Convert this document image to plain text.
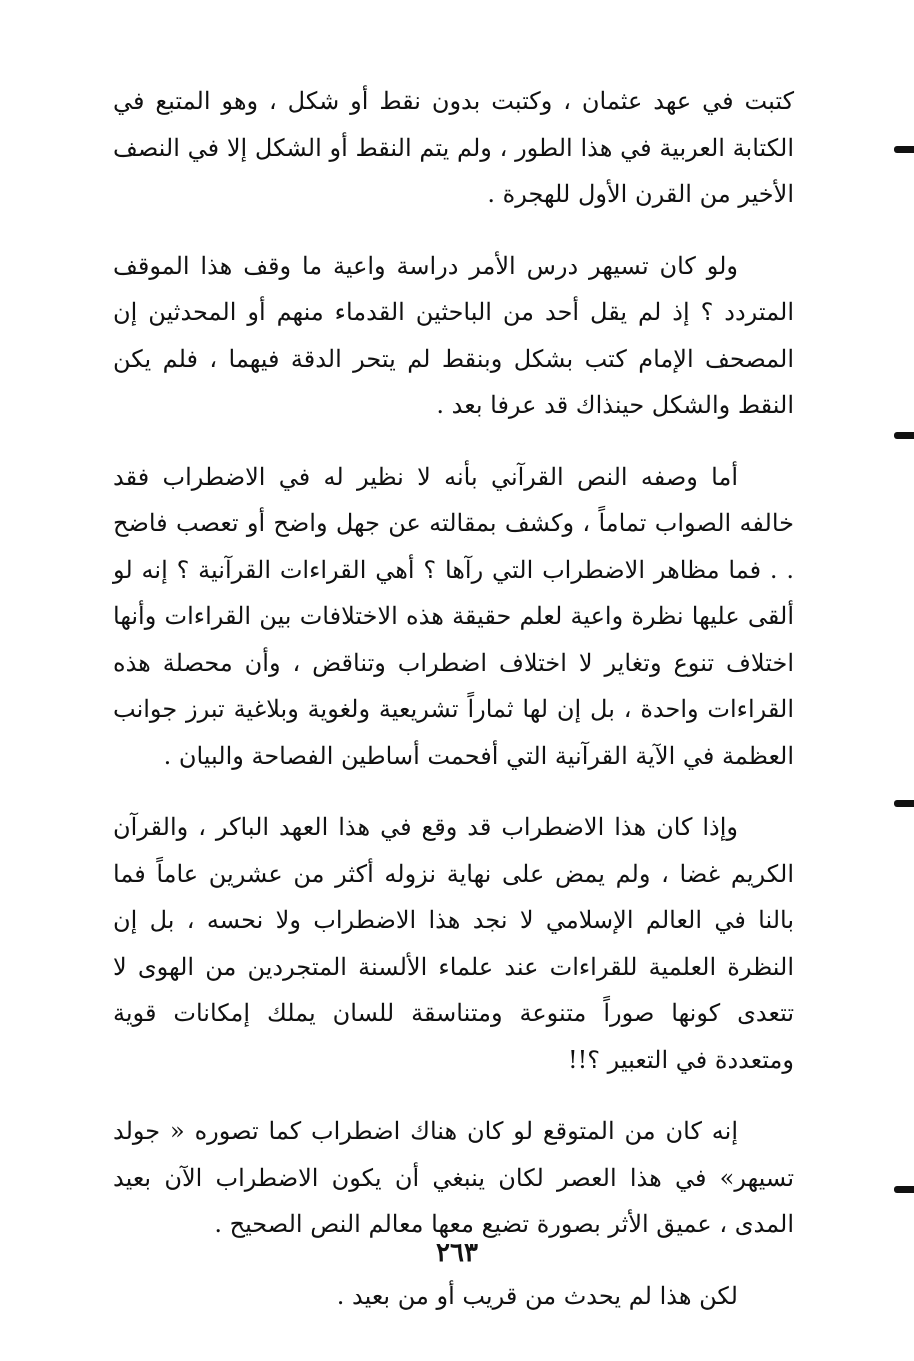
كتبت في عهد عثمان ، وكتبت بدون نقط أو شكل ، وهو المتبع في الكتابة العربية في هذا الطور ، ولم يتم النقط أو الشكل إلا في النصف الأخير من القرن الأول للهجرة .

ولو كان تسيهر درس الأمر دراسة واعية ما وقف هذا الموقف المتردد ؟ إذ لم يقل أحد من الباحثين القدماء منهم أو المحدثين إن المصحف الإمام كتب بشكل وبنقط لم يتحر الدقة فيهما ، فلم يكن النقط والشكل حينذاك قد عرفا بعد .

أما وصفه النص القرآني بأنه لا نظير له في الاضطراب فقد خالفه الصواب تماماً ، وكشف بمقالته عن جهل واضح أو تعصب فاضح . . فما مظاهر الاضطراب التي رآها ؟ أهي القراءات القرآنية ؟ إنه لو ألقى عليها نظرة واعية لعلم حقيقة هذه الاختلافات بين القراءات وأنها اختلاف تنوع وتغاير لا اختلاف اضطراب وتناقض ، وأن محصلة هذه القراءات واحدة ، بل إن لها ثماراً تشريعية ولغوية وبلاغية تبرز جوانب العظمة في الآية القرآنية التي أفحمت أساطين الفصاحة والبيان .

وإذا كان هذا الاضطراب قد وقع في هذا العهد الباكر ، والقرآن الكريم غضا ، ولم يمض على نهاية نزوله أكثر من عشرين عاماً فما بالنا في العالم الإسلامي لا نجد هذا الاضطراب ولا نحسه ، بل إن النظرة العلمية للقراءات عند علماء الألسنة المتجردين من الهوى لا تتعدى كونها صوراً متنوعة ومتناسقة للسان يملك إمكانات قوية ومتعددة في التعبير ؟!!

إنه كان من المتوقع لو كان هناك اضطراب كما تصوره « جولد تسيهر» في هذا العصر لكان ينبغي أن يكون الاضطراب الآن بعيد المدى ، عميق الأثر بصورة تضيع معها معالم النص الصحيح .

لكن هذا لم يحدث من قريب أو من بعيد .

٢٦٣
